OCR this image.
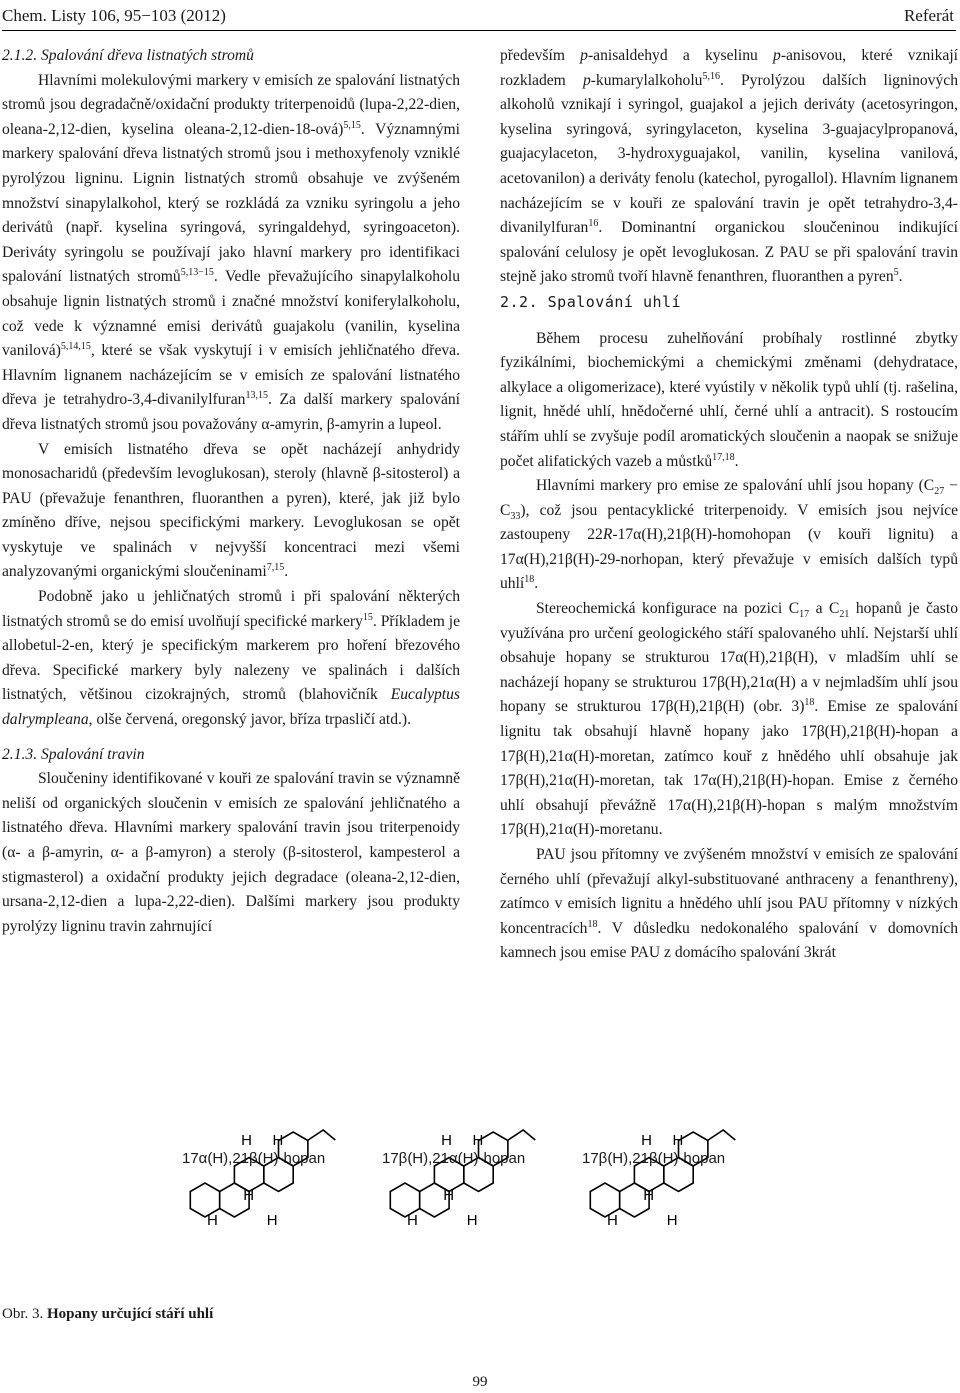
Chem. Listy 106, 95−103 (2012)	Referát

2.1.2. Spalování dřeva listnatých stromů

Hlavními molekulovými markery v emisích ze spalování listnatých stromů jsou degradačně/oxidační produkty triterpenoidů (lupa-2,22-dien, oleana-2,12-dien, kyselina oleana-2,12-dien-18-ová)$^{5,15}$. Významnými markery spalování dřeva listnatých stromů jsou i methoxyfenoly vzniklé pyrolýzou ligninu. Lignin listnatých stromů obsahuje ve zvýšeném množství sinapylalkohol, který se rozkládá za vzniku syringolu a jeho derivátů (např. kyselina syringová, syringaldehyd, syringoaceton). Deriváty syringolu se používají jako hlavní markery pro identifikaci spalování listnatých stromů$^{5,13-15}$. Vedle převažujícího sinapylalkoholu obsahuje lignin listnatých stromů i značné množství koniferylalkoholu, což vede k významné emisi derivátů guajakolu (vanilin, kyselina vanilová)$^{5,14,15}$, které se však vyskytují i v emisích jehličnatého dřeva. Hlavním lignanem nacházejícím se v emisích ze spalování listnatého dřeva je tetrahydro-3,4-divanilylfuran$^{13,15}$. Za další markery spalování dřeva listnatých stromů jsou považovány α-amyrin, β-amyrin a lupeol.

V emisích listnatého dřeva se opět nacházejí anhydridy monosacharidů (především levoglukosan), steroly (hlavně β-sitosterol) a PAU (převažuje fenanthren, fluoranthen a pyren), které, jak již bylo zmíněno dříve, nejsou specifickými markery. Levoglukosan se opět vyskytuje ve spalinách v nejvyšší koncentraci mezi všemi analyzovanými organickými sloučeninami$^{7,15}$.

Podobně jako u jehličnatých stromů i při spalování některých listnatých stromů se do emisí uvolňují specifické markery$^{15}$. Příkladem je allobetul-2-en, který je specifickým markerem pro hoření březového dřeva. Specifické markery byly nalezeny ve spalinách i dalších listnatých, většinou cizokrajných, stromů (blahovičník Eucalyptus dalrympleana, olše červená, oregonský javor, bříza trpasličí atd.).

2.1.3. Spalování travin

Sloučeniny identifikované v kouři ze spalování travin se významně neliší od organických sloučenin v emisích ze spalování jehličnatého a listnatého dřeva. Hlavními markery spalování travin jsou triterpenoidy (α- a β-amyrin, α- a β-amyron) a steroly (β-sitosterol, kampesterol a stigmasterol) a oxidační produkty jejich degradace (oleana-2,12-dien, ursana-2,12-dien a lupa-2,22-dien). Dalšími markery jsou produkty pyrolýzy ligninu travin zahrnující

především p-anisaldehyd a kyselinu p-anisovou, které vznikají rozkladem p-kumarylalkoholu$^{5,16}$. Pyrolýzou dalších ligninových alkoholů vznikají i syringol, guajakol a jejich deriváty (acetosyringon, kyselina syringová, syringylaceton, kyselina 3-guajacylpropanová, guajacylaceton, 3-hydroxyguajakol, vanilin, kyselina vanilová, acetovanilon) a deriváty fenolu (katechol, pyrogallol). Hlavním lignanem nacházejícím se v kouři ze spalování travin je opět tetrahydro-3,4-divanilylfuran$^{16}$. Dominantní organickou sloučeninou indikující spalování celulosy je opět levoglukosan. Z PAU se při spalování travin stejně jako stromů tvoří hlavně fenanthren, fluoranthen a pyren$^5$.

2.2. Spalování uhlí

Během procesu zuhelňování probíhaly rostlinné zbytky fyzikálními, biochemickými a chemickými změnami (dehydratace, alkylace a oligomerizace), které vyústily v několik typů uhlí (tj. rašelina, lignit, hnědé uhlí, hnědočerné uhlí, černé uhlí a antracit). S rostoucím stářím uhlí se zvyšuje podíl aromatických sloučenin a naopak se snižuje počet alifatických vazeb a můstků$^{17,18}$.

Hlavními markery pro emise ze spalování uhlí jsou hopany $(C_{27} - C_{33})$, což jsou pentacyklické triterpenoidy. V emisích jsou nejvíce zastoupeny 22R-17α(H),21β(H)-homohopan (v kouři lignitu) a 17α(H),21β(H)-29-norhopan, který převažuje v emisích dalších typů uhlí$^{18}$.

Stereochemická konfigurace na pozici $C_{17}$ a $C_{21}$ hopanů je často využívána pro určení geologického stáří spalovaného uhlí. Nejstarší uhlí obsahuje hopany se strukturou 17α(H),21β(H), v mladším uhlí se nacházejí hopany se strukturou 17β(H),21α(H) a v nejmladším uhlí jsou hopany se strukturou 17β(H),21β(H) (obr. 3)$^{18}$. Emise ze spalování lignitu tak obsahují hlavně hopany jako 17β(H),21β(H)-hopan a 17β(H),21α(H)-moretan, zatímco kouř z hnědého uhlí obsahuje jak 17β(H),21α(H)-moretan, tak 17α(H),21β(H)-hopan. Emise z černého uhlí obsahují převážně 17α(H),21β(H)-hopan s malým množstvím 17β(H),21α(H)-moretanu.

PAU jsou přítomny ve zvýšeném množství v emisích ze spalování černého uhlí (převažují alkyl-substituované anthraceny a fenanthreny), zatímco v emisích lignitu a hnědého uhlí jsou PAU přítomny v nízkých koncentracích$^{18}$. V důsledku nedokonalého spalování v domovních kamnech jsou emise PAU z domácího spalování 3krát

H H
H
H
H
H H
H
H
H
H H
H
H
H
17α(H),21β(H)-hopan	17β(H),21α(H)-hopan	17β(H),21β(H)-hopan
Obr. 3. Hopany určující stáří uhlí
99
